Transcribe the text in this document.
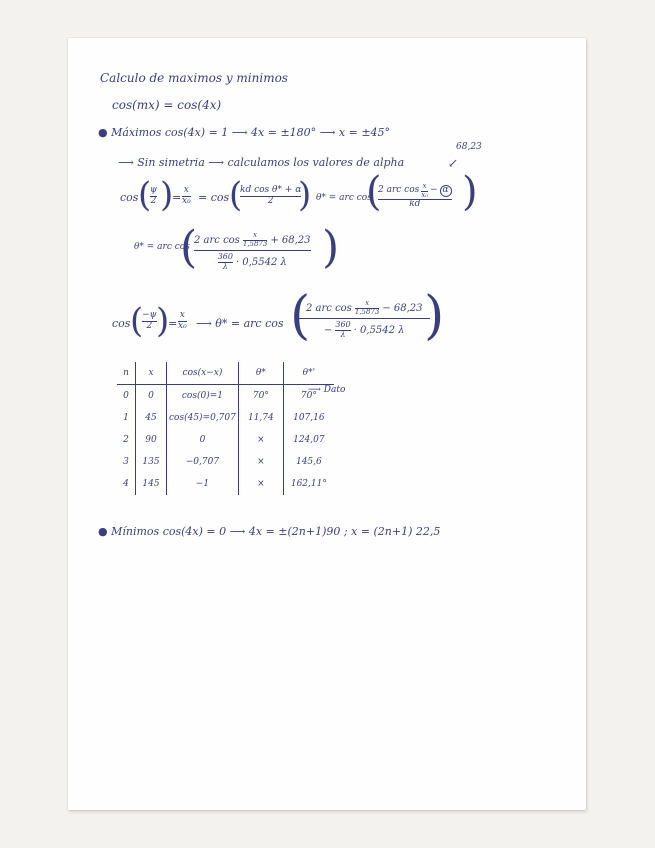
Calculo de maximos y minimos
cos(mx) = cos(4x)
● Máximos cos(4x) = 1 ⟶ 4x = ±180° ⟶ x = ±45°
⟶ Sin simetria ⟶ calculamos los valores de alpha
68,23
↙
cos (
ψ
2 )
=
x
x₀ = cos (
kd cos θ* + α
2 ) θ* = arc cos
(
2 arc $\cos \frac{x}{\text{x₀}} - \alpha$
kd )
θ* = arc cos
(
2 arc $\cos \frac{x}{1,5873} + 68,23$
$\frac{360}{\lambda} \cdot 0,5542$ λ )
cos (
−ψ
2 )
=
x
x₀ ⟶ θ* = arc cos (
2 arc $\cos \frac{x}{1,5873} - 68,23$
− $\frac{360}{\lambda} \cdot 0,5542$ λ )
n	x	cos(x−x)	θ*	θ*'
0	0	cos(0)=1	70°	70°
1	45	cos(45)=0,707	11,74	107,16
2	90	0	×	124,07
3	135	−0,707	×	145,6
4	145	−1	×	162,11°
⟶ Dato
● Mínimos cos(4x) = 0 ⟶ 4x = ±(2n+1)90 ; x = (2n+1) 22,5
